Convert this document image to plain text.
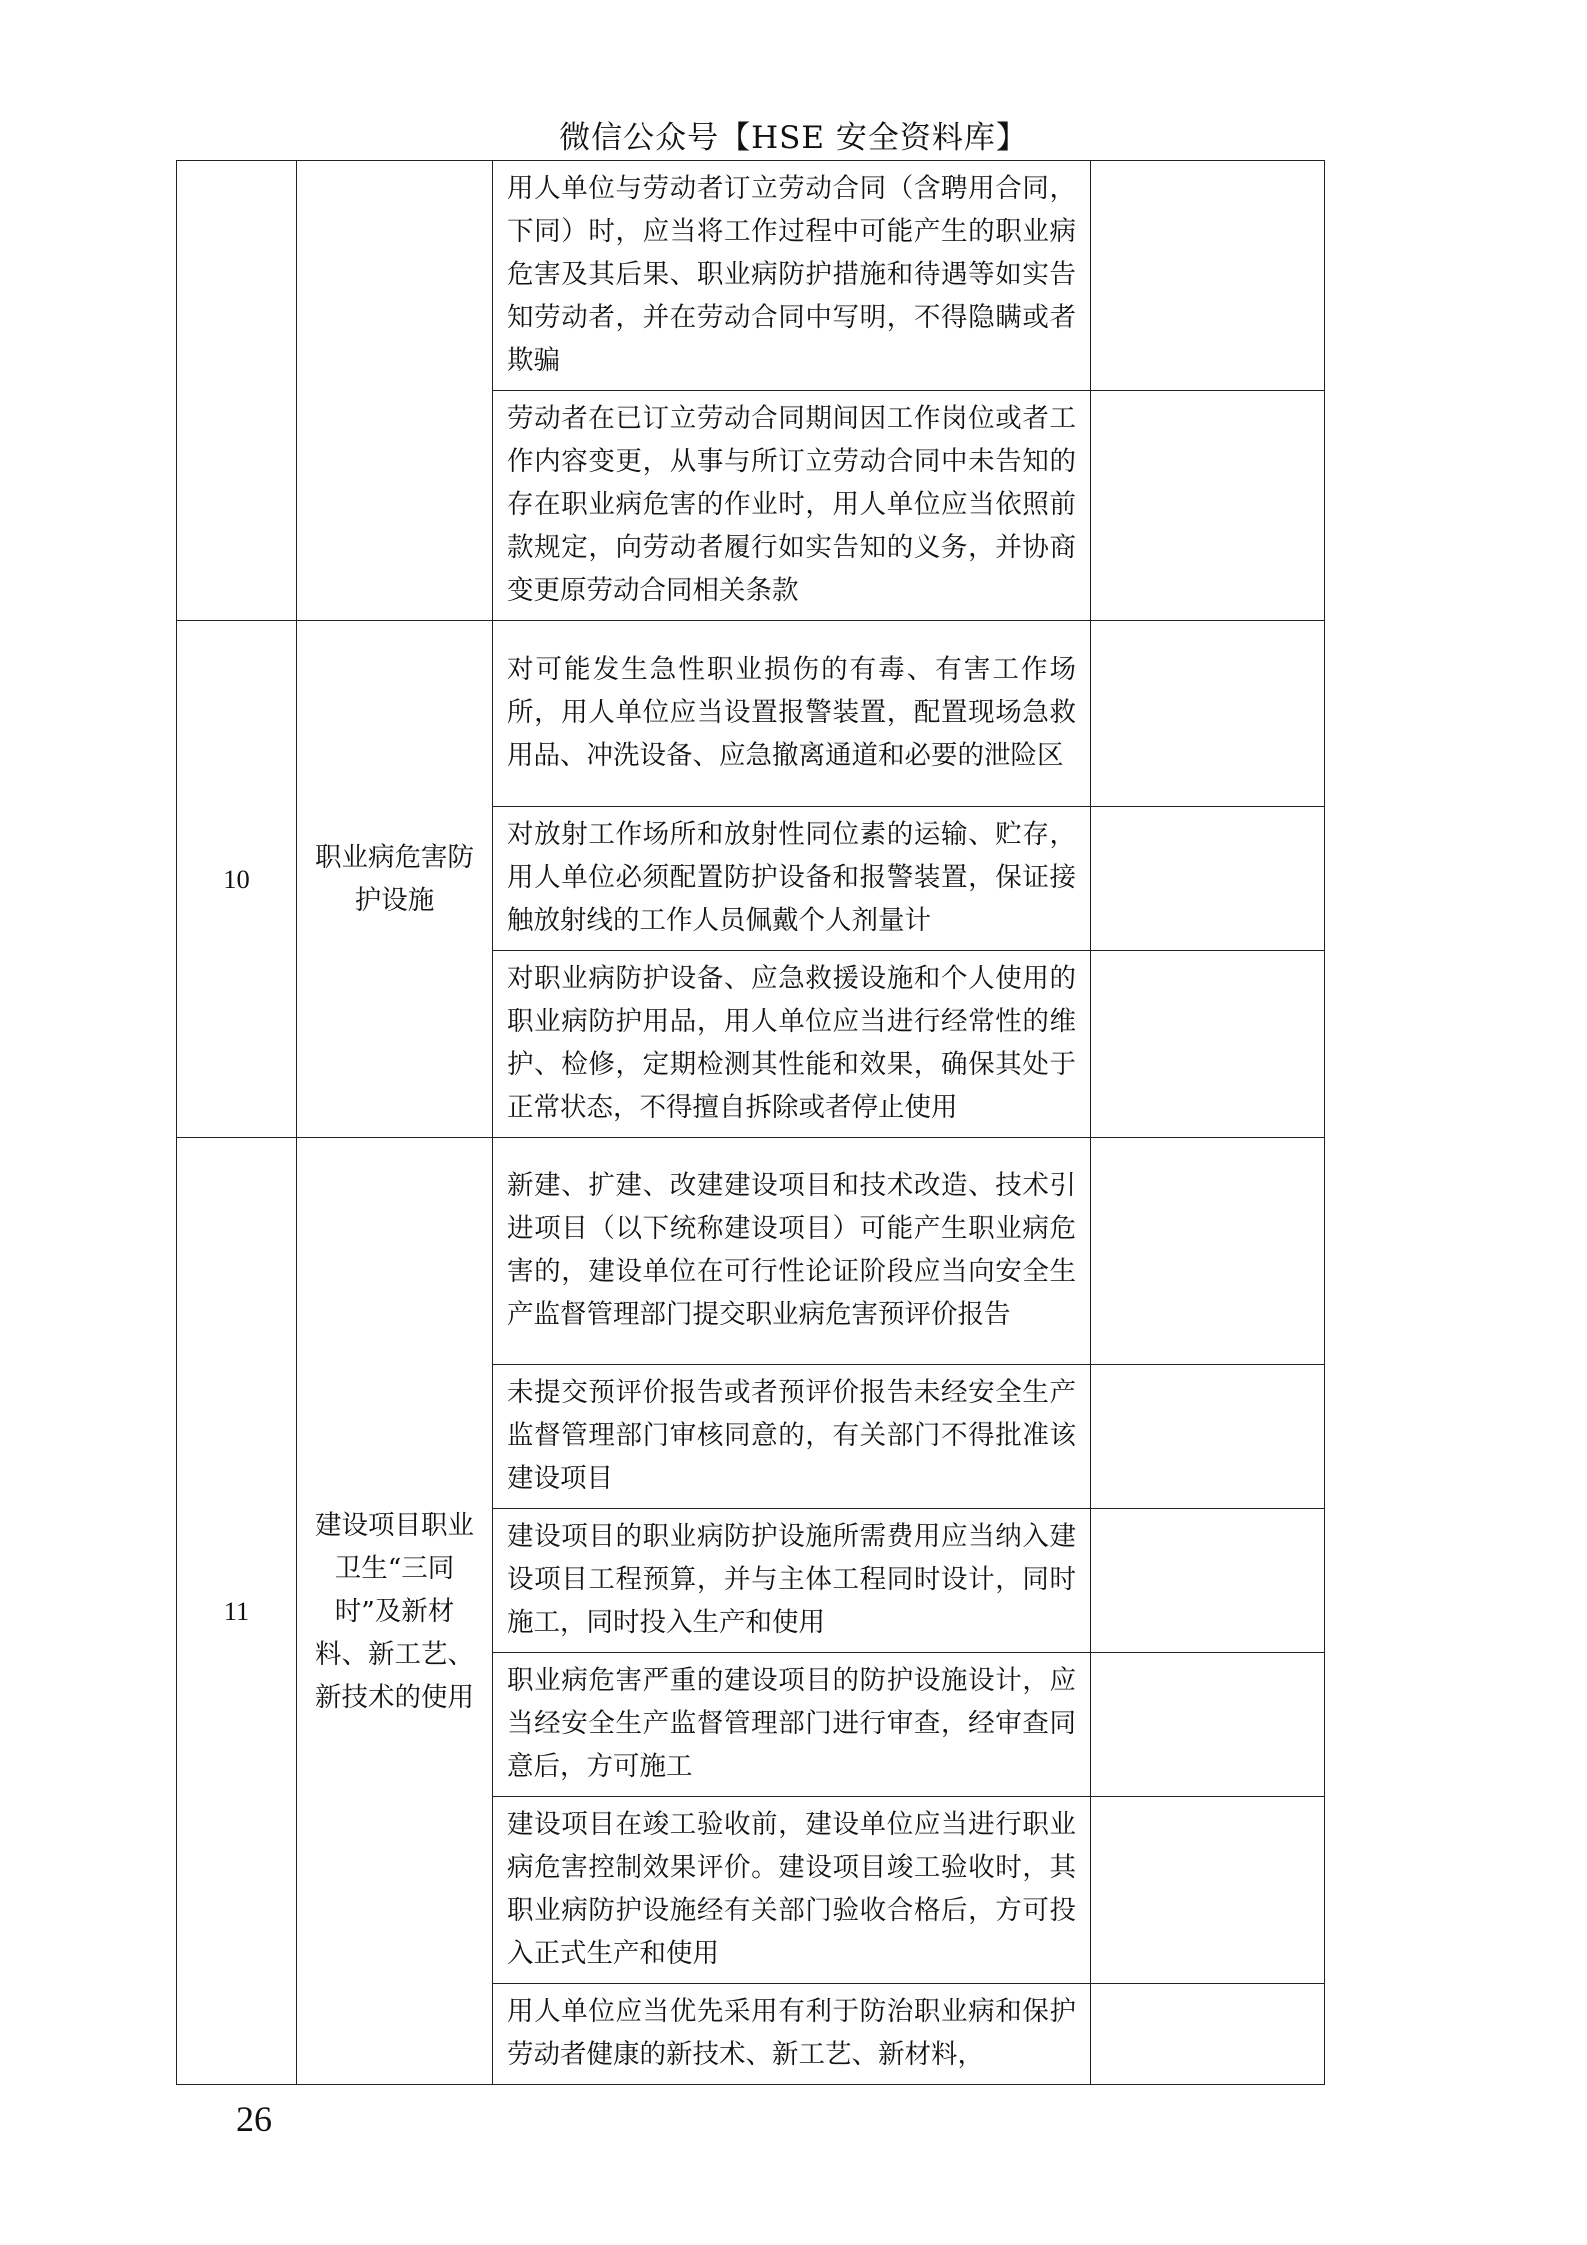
微信公众号【HSE 安全资料库】
		用人单位与劳动者订立劳动合同（含聘用合同，下同）时，应当将工作过程中可能产生的职业病危害及其后果、职业病防护措施和待遇等如实告知劳动者，并在劳动合同中写明，不得隐瞒或者欺骗	
		劳动者在已订立劳动合同期间因工作岗位或者工作内容变更，从事与所订立劳动合同中未告知的存在职业病危害的作业时，用人单位应当依照前款规定，向劳动者履行如实告知的义务，并协商变更原劳动合同相关条款	
10	职业病危害防护设施	对可能发生急性职业损伤的有毒、有害工作场所，用人单位应当设置报警装置，配置现场急救用品、冲洗设备、应急撤离通道和必要的泄险区	
		对放射工作场所和放射性同位素的运输、贮存，用人单位必须配置防护设备和报警装置，保证接触放射线的工作人员佩戴个人剂量计	
		对职业病防护设备、应急救援设施和个人使用的职业病防护用品，用人单位应当进行经常性的维护、检修，定期检测其性能和效果，确保其处于正常状态，不得擅自拆除或者停止使用	
11	建设项目职业卫生“三同时”及新材料、新工艺、新技术的使用	新建、扩建、改建建设项目和技术改造、技术引进项目（以下统称建设项目）可能产生职业病危害的，建设单位在可行性论证阶段应当向安全生产监督管理部门提交职业病危害预评价报告	
		未提交预评价报告或者预评价报告未经安全生产监督管理部门审核同意的，有关部门不得批准该建设项目	
		建设项目的职业病防护设施所需费用应当纳入建设项目工程预算，并与主体工程同时设计，同时施工，同时投入生产和使用	
		职业病危害严重的建设项目的防护设施设计，应当经安全生产监督管理部门进行审查，经审查同意后，方可施工	
		建设项目在竣工验收前，建设单位应当进行职业病危害控制效果评价。建设项目竣工验收时，其职业病防护设施经有关部门验收合格后，方可投入正式生产和使用	
		用人单位应当优先采用有利于防治职业病和保护劳动者健康的新技术、新工艺、新材料，	
26
